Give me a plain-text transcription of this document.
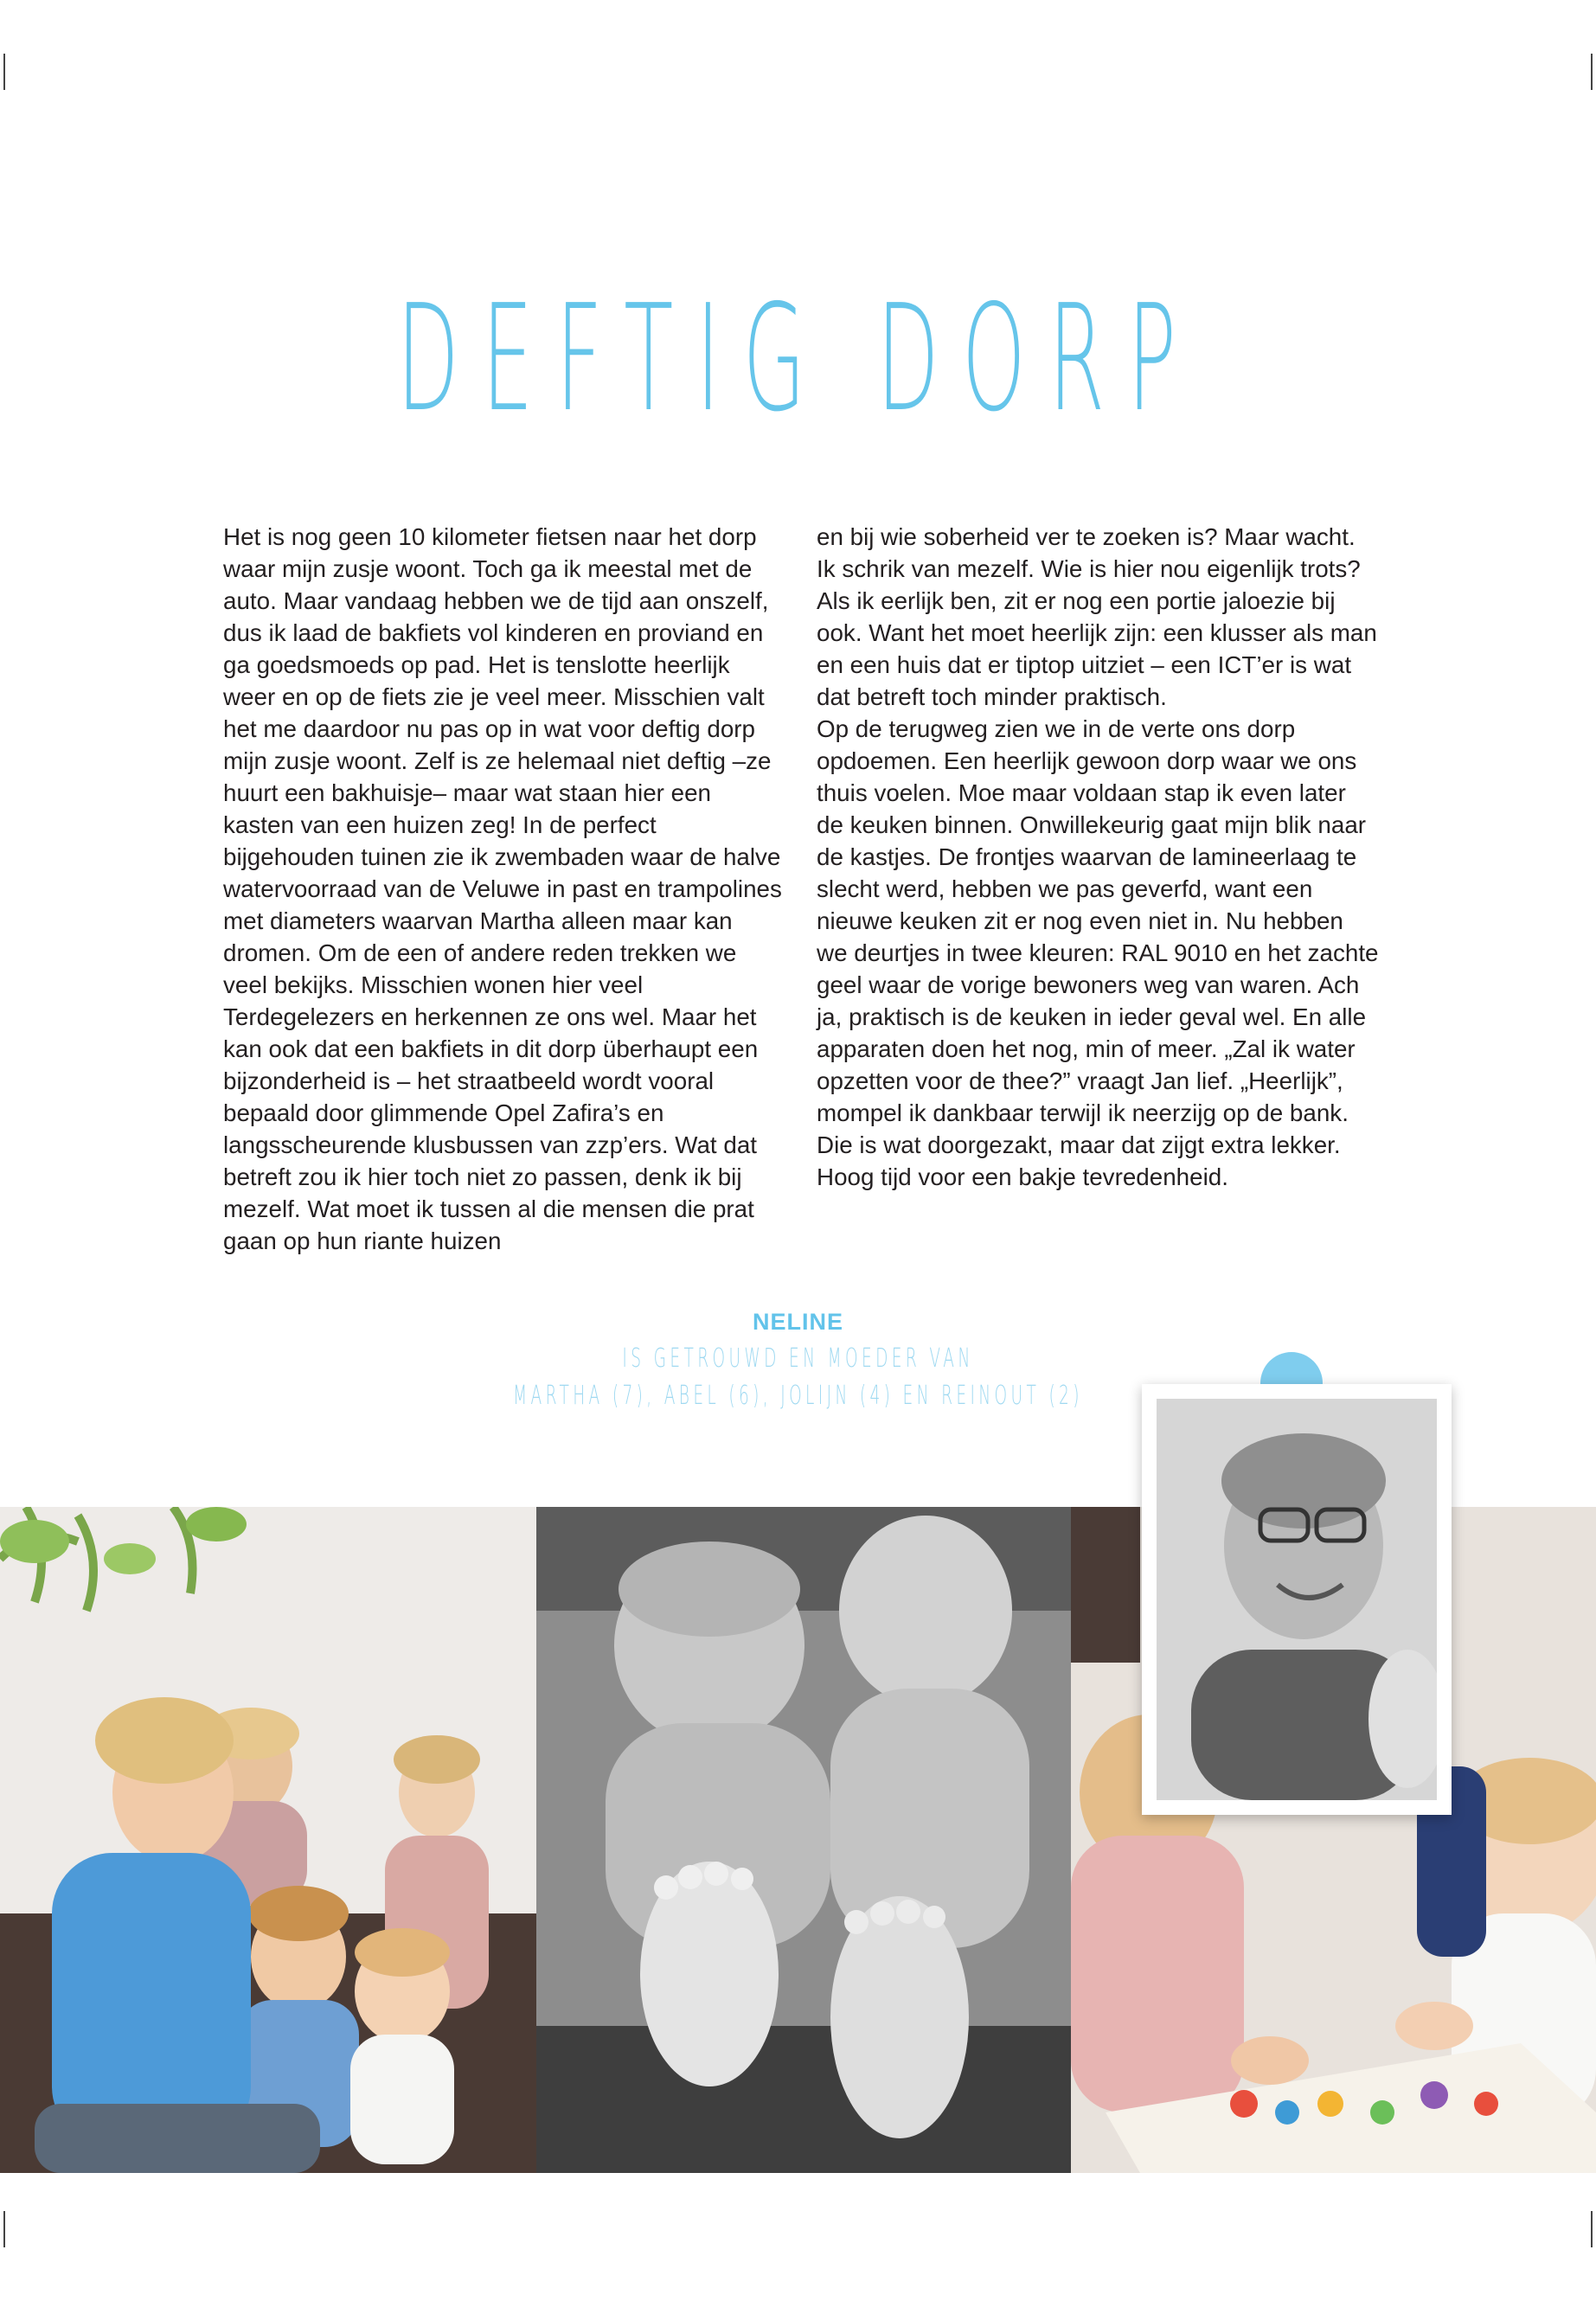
DEFTIG DORP

Het is nog geen 10 kilometer fietsen naar het dorp waar mijn zusje woont. Toch ga ik meestal met de auto. Maar vandaag hebben we de tijd aan onszelf, dus ik laad de bakfiets vol kinderen en proviand en ga goedsmoeds op pad. Het is tenslotte heerlijk weer en op de fiets zie je veel meer. Misschien valt het me daardoor nu pas op in wat voor deftig dorp mijn zusje woont. Zelf is ze helemaal niet deftig –ze huurt een bakhuisje– maar wat staan hier een kasten van een huizen zeg! In de perfect bijgehouden tuinen zie ik zwembaden waar de halve watervoorraad van de Veluwe in past en trampolines met diameters waarvan Martha alleen maar kan dromen. Om de een of andere reden trekken we veel bekijks. Misschien wonen hier veel Terdegelezers en herkennen ze ons wel. Maar het kan ook dat een bakfiets in dit dorp überhaupt een bijzonderheid is – het straatbeeld wordt vooral bepaald door glimmende Opel Zafira’s en langsscheurende klusbussen van zzp’ers. Wat dat betreft zou ik hier toch niet zo passen, denk ik bij mezelf. Wat moet ik tussen al die mensen die prat gaan op hun riante huizen

en bij wie soberheid ver te zoeken is? Maar wacht. Ik schrik van mezelf. Wie is hier nou eigenlijk trots? Als ik eerlijk ben, zit er nog een portie jaloezie bij ook. Want het moet heerlijk zijn: een klusser als man en een huis dat er tiptop uitziet – een ICT’er is wat dat betreft toch minder praktisch.

Op de terugweg zien we in de verte ons dorp opdoemen. Een heerlijk gewoon dorp waar we ons thuis voelen. Moe maar voldaan stap ik even later de keuken binnen. Onwillekeurig gaat mijn blik naar de kastjes. De frontjes waarvan de lamineerlaag te slecht werd, hebben we pas geverfd, want een nieuwe keuken zit er nog even niet in. Nu hebben we deurtjes in twee kleuren: RAL 9010 en het zachte geel waar de vorige bewoners weg van waren. Ach ja, praktisch is de keuken in ieder geval wel. En alle apparaten doen het nog, min of meer. „Zal ik water opzetten voor de thee?” vraagt Jan lief. „Heerlijk”, mompel ik dankbaar terwijl ik neerzijg op de bank. Die is wat doorgezakt, maar dat zijgt extra lekker. Hoog tijd voor een bakje tevredenheid.

NELINE
IS GETROUWD EN MOEDER VAN
MARTHA (7), ABEL (6), JOLIJN (4) EN REINOUT (2)
